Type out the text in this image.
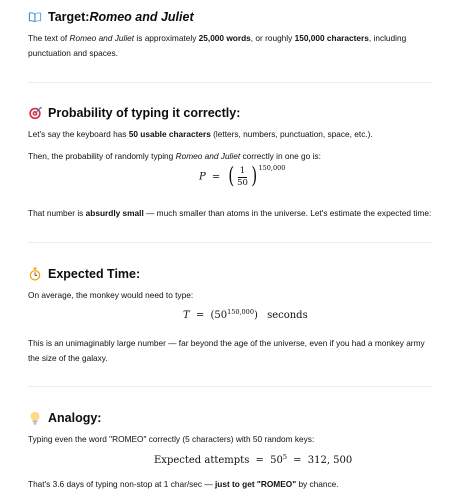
Target: Romeo and Juliet
The text of Romeo and Juliet is approximately 25,000 words, or roughly 150,000 characters, including punctuation and spaces.
Probability of typing it correctly:
Let's say the keyboard has 50 usable characters (letters, numbers, punctuation, space, etc.).
Then, the probability of randomly typing Romeo and Juliet correctly in one go is:
P = ( $\frac{1}{50} )^{150,000}$
That number is absurdly small — much smaller than atoms in the universe. Let's estimate the expected time:
Expected Time:
On average, the monkey would need to type:
$T = (50^{150,000})$ seconds
This is an unimaginably large number — far beyond the age of the universe, even if you had a monkey army the size of the galaxy.
Analogy:
Typing even the word "ROMEO" correctly (5 characters) with 50 random keys:
Expected attempts = $50^5 = 312$, 500
That's 3.6 days of typing non-stop at 1 char/sec — just to get "ROMEO" by chance.
